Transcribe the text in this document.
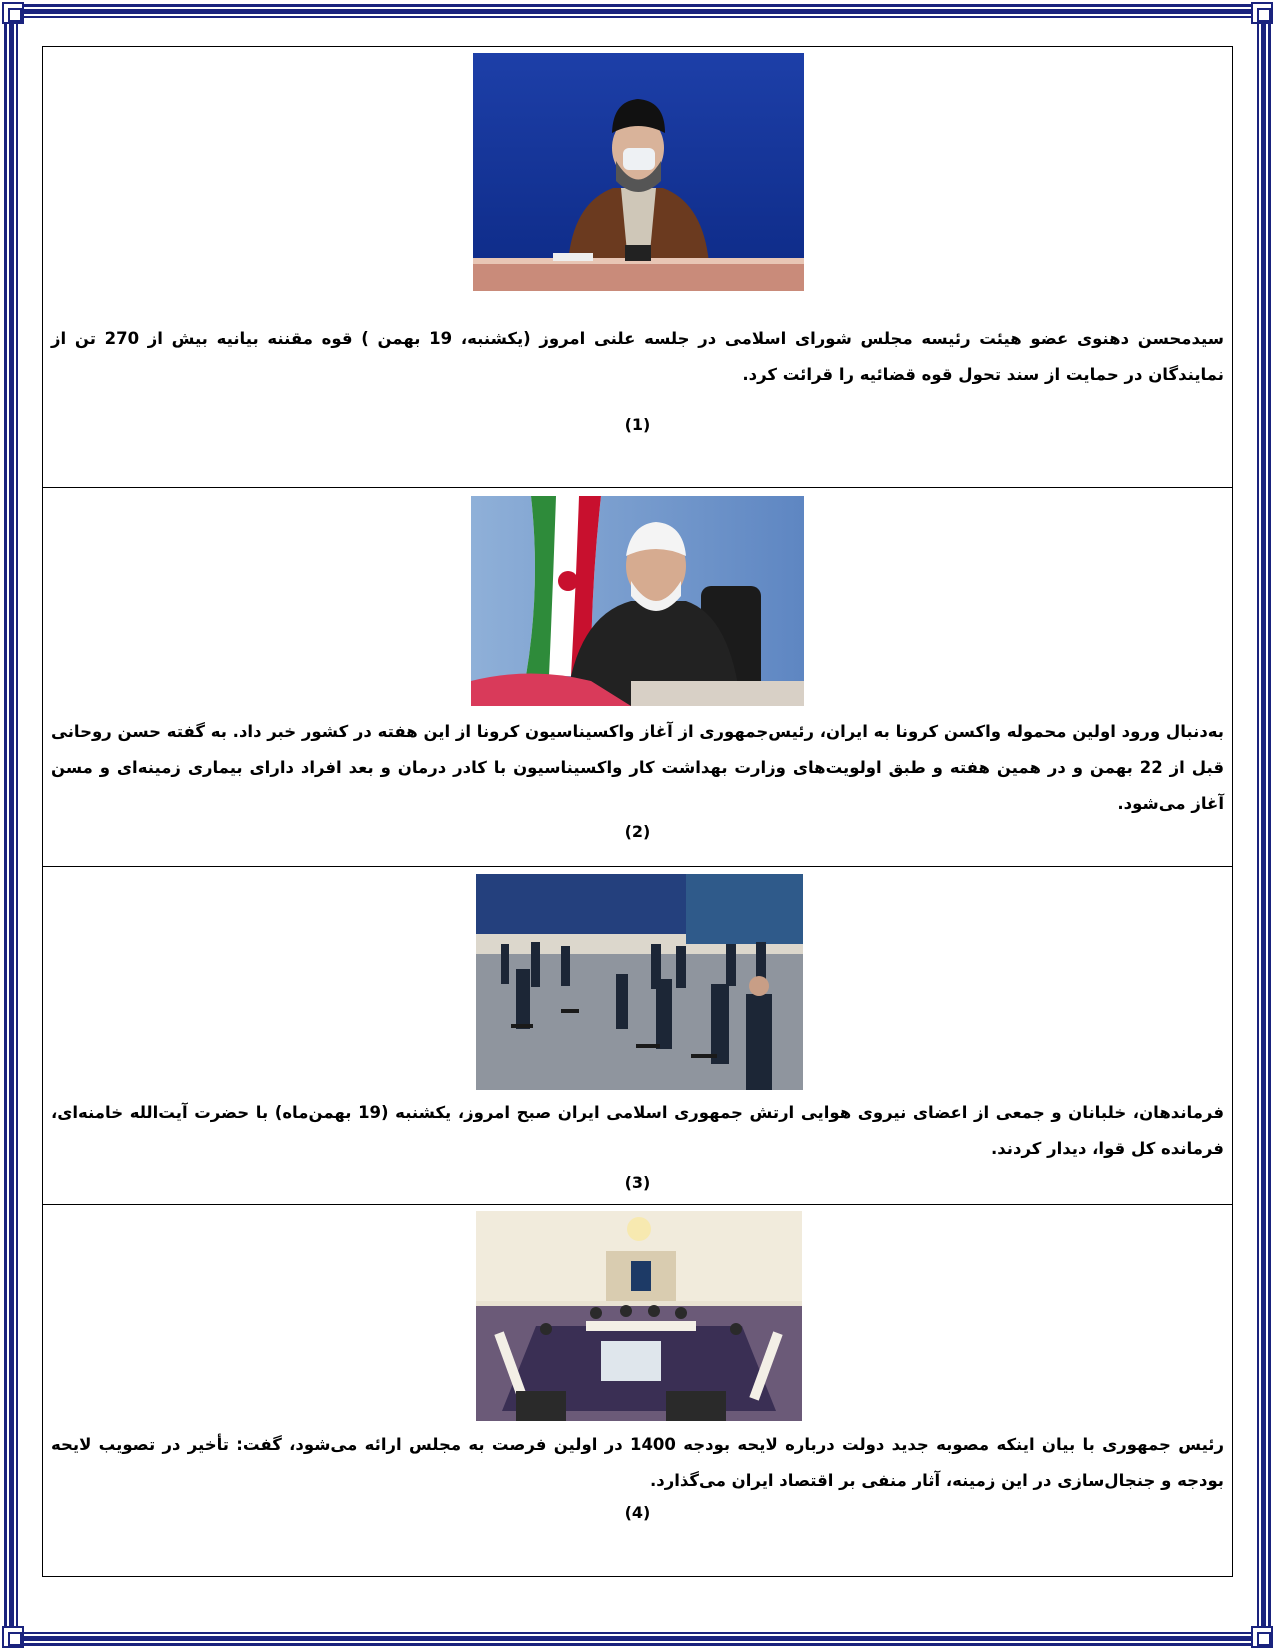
سیدمحسن دهنوی عضو هیئت رئیسه مجلس شورای اسلامی در جلسه علنی امروز (یکشنبه، 19 بهمن ) قوه مقننه بیانیه بیش از 270 تن از نمایندگان در حمایت از سند تحول قوه قضائیه را قرائت کرد.
(1)
به‌دنبال ورود اولین محموله واکسن کرونا به ایران، رئیس‌جمهوری از آغاز واکسیناسیون کرونا از این هفته در کشور خبر داد. به گفته حسن روحانی قبل از 22 بهمن و در همین هفته و طبق اولویت‌های وزارت بهداشت کار واکسیناسیون با کادر درمان و بعد افراد دارای بیماری زمینه‌ای و مسن آغاز می‌شود.
(2)
فرماندهان، خلبانان و جمعی از اعضای نیروی هوایی ارتش جمهوری اسلامی ایران صبح امروز، یکشنبه (19 بهمن‌ماه) با حضرت آیت‌الله خامنه‌ای، فرمانده کل قوا، دیدار کردند.
(3)
رئیس جمهوری با بیان اینکه مصوبه جدید دولت درباره لایحه بودجه 1400 در اولین فرصت به مجلس ارائه می‌شود، گفت: تأخیر در تصویب لایحه بودجه و جنجال‌سازی در این زمینه، آثار منفی بر اقتصاد ایران می‌گذارد.
(4)
